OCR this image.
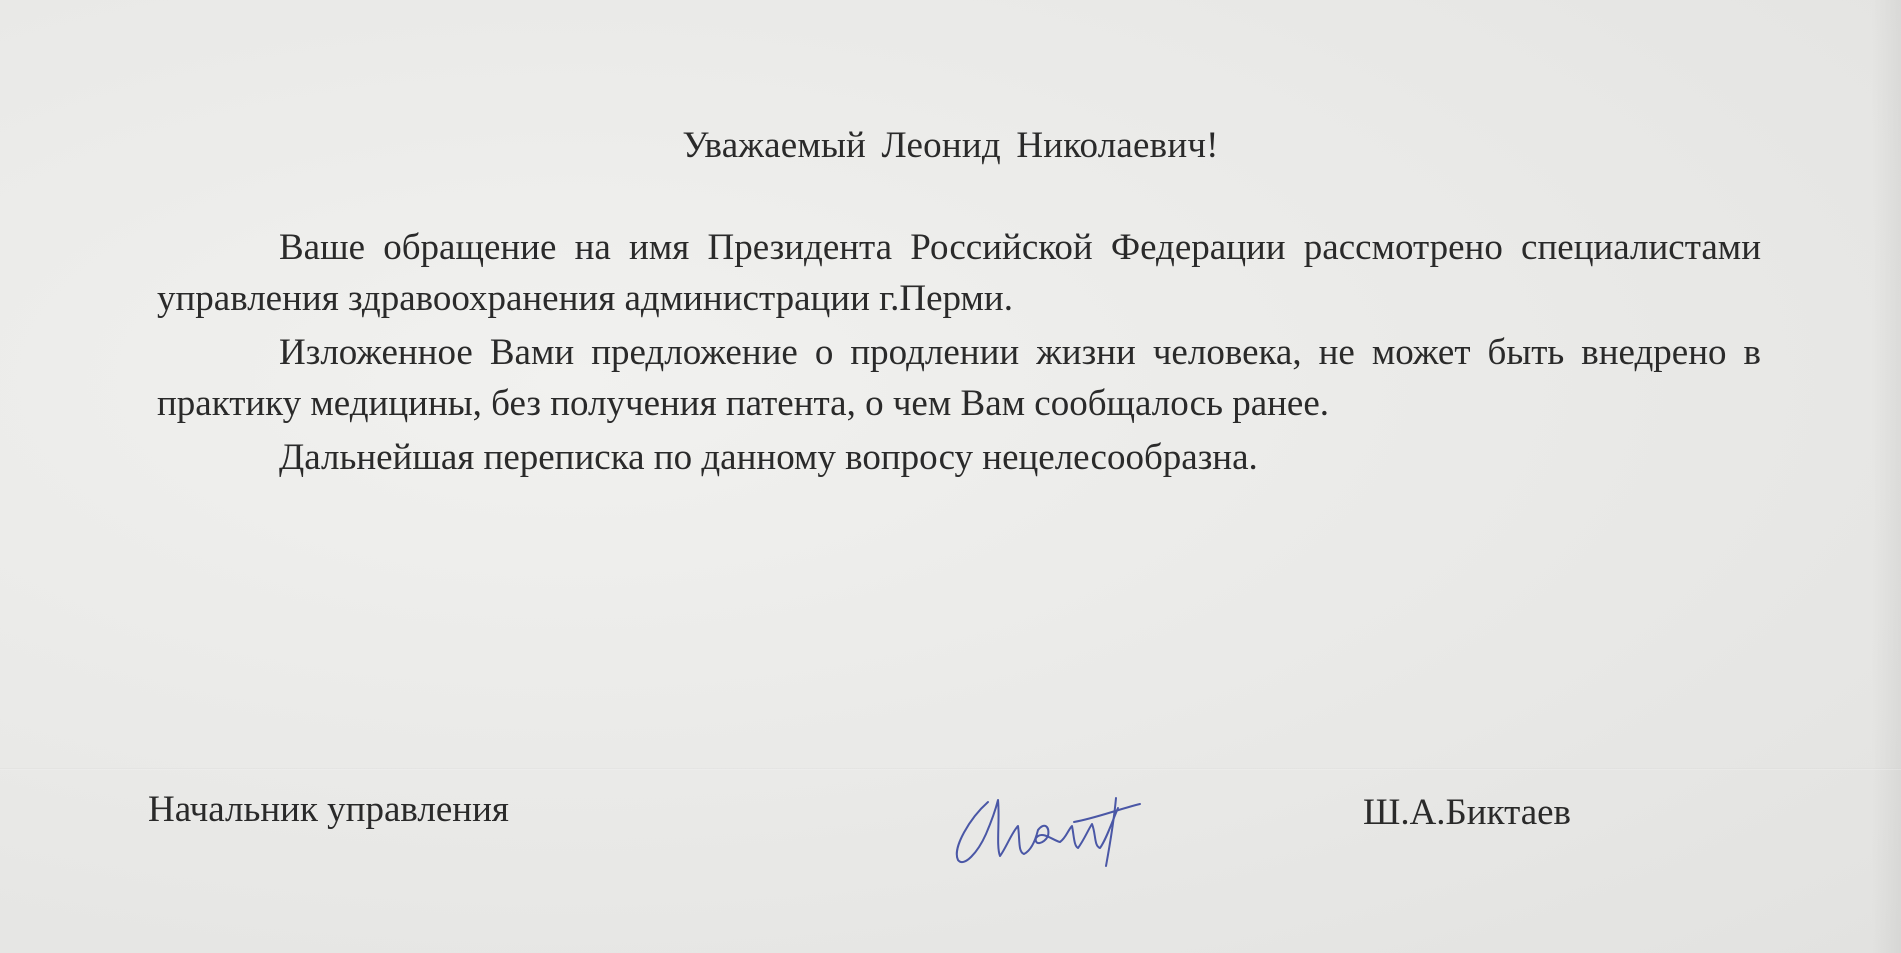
Уважаемый Леонид Николаевич!

Ваше обращение на имя Президента Российской Федерации рассмотрено специалистами управления здравоохранения администрации г.Перми.

Изложенное Вами предложение о продлении жизни человека, не может быть внедрено в практику медицины, без получения патента, о чем Вам сообщалось ранее.

Дальнейшая переписка по данному вопросу нецелесообразна.

Начальник управления	Ш.А.Биктаев
